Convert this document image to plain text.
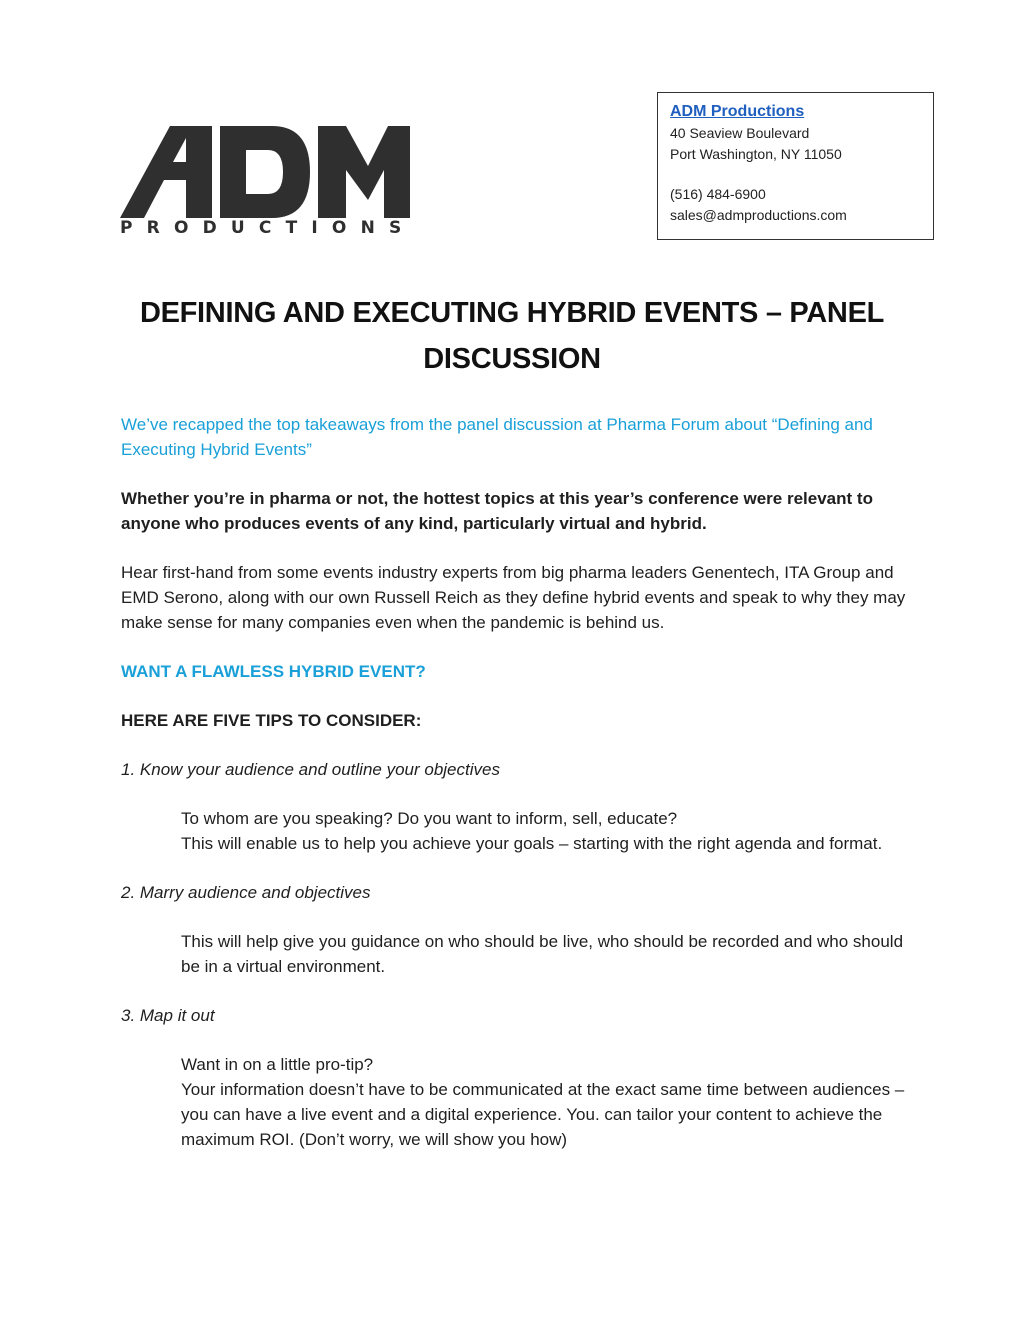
PRODUCTIONS
ADM Productions
40 Seaview Boulevard
Port Washington, NY 11050
(516) 484-6900
sales@admproductions.com
DEFINING AND EXECUTING HYBRID EVENTS – PANEL
DISCUSSION

We’ve recapped the top takeaways from the panel discussion at Pharma Forum about “Defining and Executing Hybrid Events”

Whether you’re in pharma or not, the hottest topics at this year’s conference were relevant to anyone who produces events of any kind, particularly virtual and hybrid.

Hear first-hand from some events industry experts from big pharma leaders Genentech, ITA Group and EMD Serono, along with our own Russell Reich as they define hybrid events and speak to why they may make sense for many companies even when the pandemic is behind us.

WANT A FLAWLESS HYBRID EVENT?

HERE ARE FIVE TIPS TO CONSIDER:

1. Know your audience and outline your objectives

To whom are you speaking? Do you want to inform, sell, educate?

This will enable us to help you achieve your goals – starting with the right agenda and format.

2. Marry audience and objectives

This will help give you guidance on who should be live, who should be recorded and who should be in a virtual environment.

3. Map it out

Want in on a little pro-tip?

Your information doesn’t have to be communicated at the exact same time between audiences – you can have a live event and a digital experience. You. can tailor your content to achieve the maximum ROI. (Don’t worry, we will show you how)
